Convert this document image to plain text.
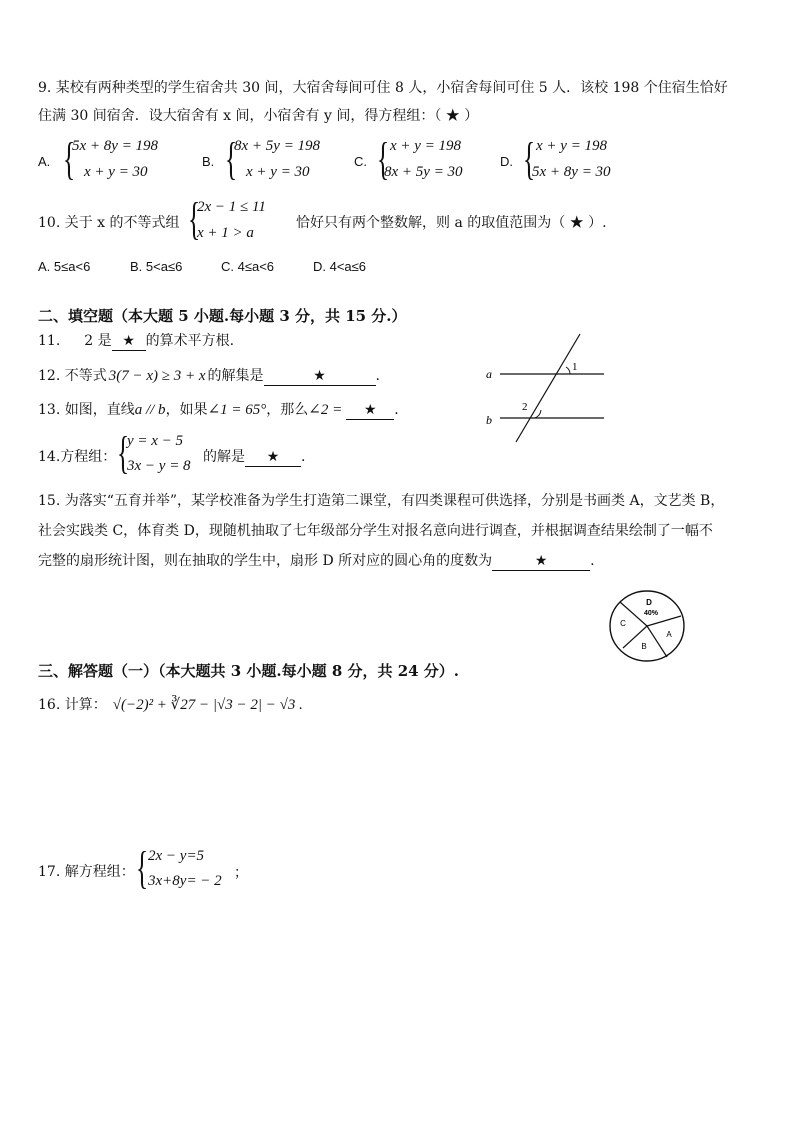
9. 某校有两种类型的学生宿舍共 30 间，大宿舍每间可住 8 人，小宿舍每间可住 5 人．该校 198 个住宿生恰好
住满 30 间宿舍．设大宿舍有 x 间，小宿舍有 y 间，得方程组：（ ★ ）
A. {
5x + 8y = 198
x + y = 30
B. {
8x + 5y = 198
x + y = 30
C. { x + y = 198
8x + 5y = 30
D. { x + y = 198
5x + 8y = 30
10. 关于 x 的不等式组 {
2x − 1 ≤ 11
x + 1 > a
恰好只有两个整数解，则 a 的取值范围为（ ★ ）.
A. 5≤a<6	B. 5<a≤6	C. 4≤a<6	D. 4<a≤6
二、填空题（本大题 5 小题.每小题 3 分，共 15 分.）
11. 2 是 ★ 的算术平方根.
12. 不等式 3(7 − x) ≥ 3 + x 的解集是	★	.
13. 如图，直线a // b，如果∠1 = 65°，那么∠2 = ★ .
a
b
1
2
14.方程组： {
y = x − 5
3x − y = 8
的解是 ★ .
15. 为落实“五育并举”，某学校准备为学生打造第二课堂，有四类课程可供选择，分别是书画类 A，文艺类 B，
社会实践类 C，体育类 D，现随机抽取了七年级部分学生对报名意向进行调查，并根据调查结果绘制了一幅不
完整的扇形统计图，则在抽取的学生中，扇形 D 所对应的圆心角的度数为	★	.
D
40%
C
A
B
三、解答题（一）（本大题共 3 小题.每小题 8 分，共 24 分）.
16. 计算： √(−2)² + ∛27 − |√3 − 2| − √3 .
17. 解方程组： { 2x − y=5
3x+8y= − 2 ；
